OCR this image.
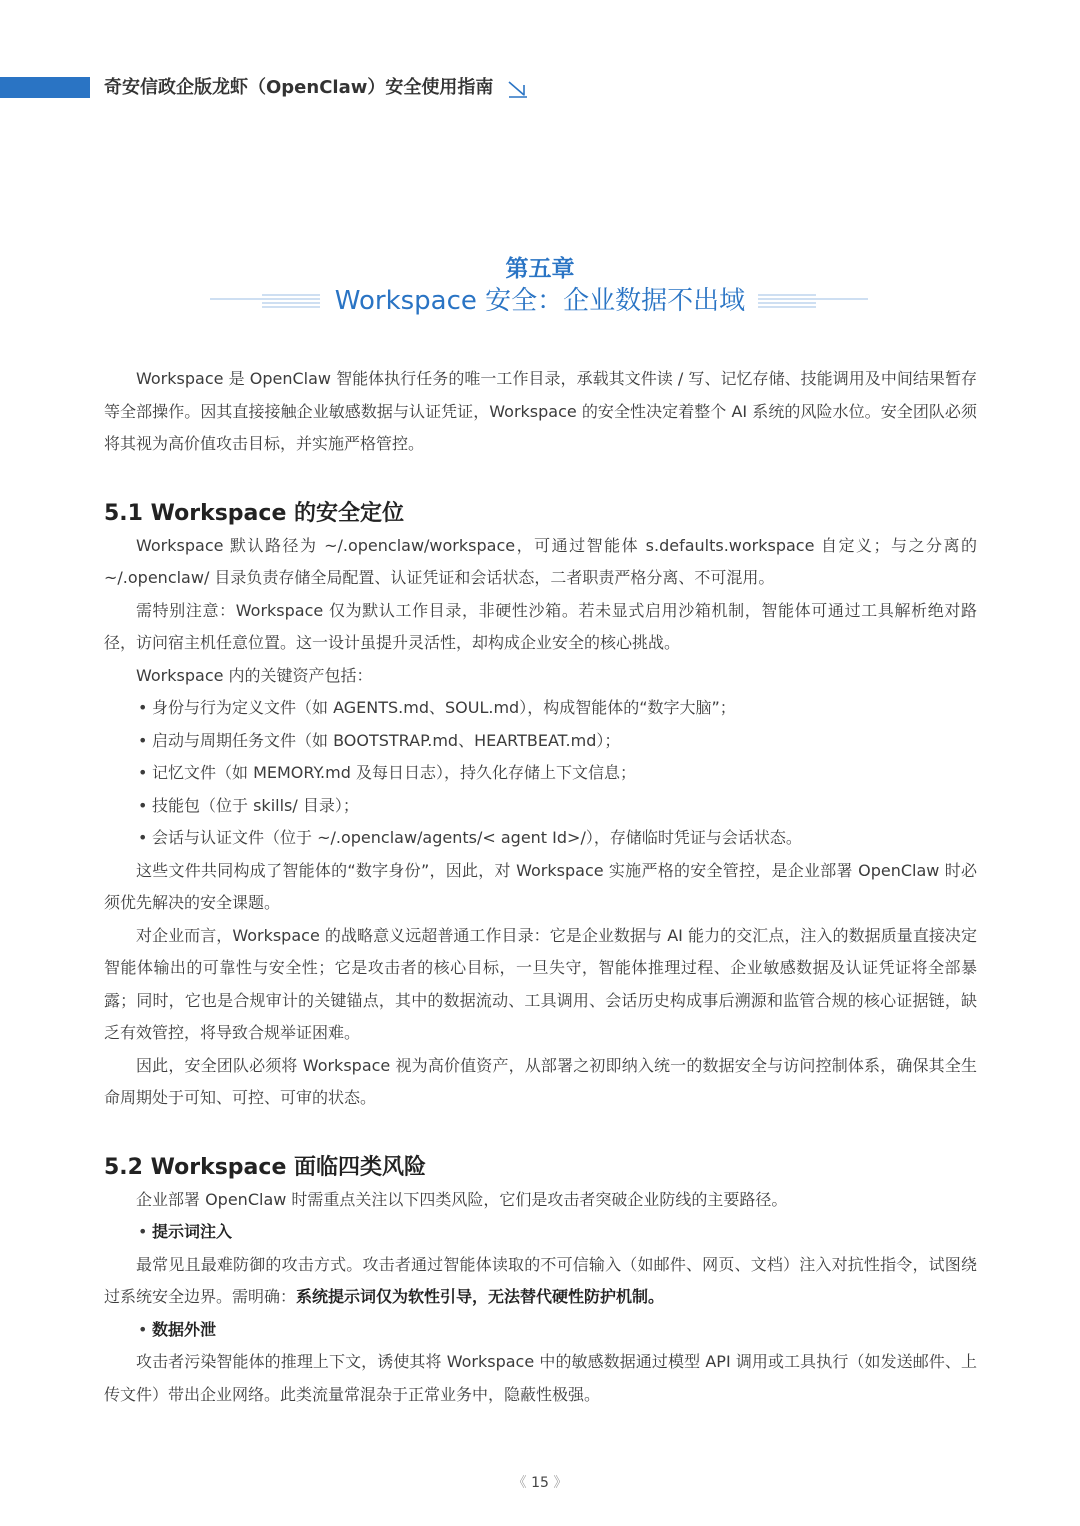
奇安信政企版龙虾（OpenClaw）安全使用指南
第五章
Workspace 安全：企业数据不出域

Workspace 是 OpenClaw 智能体执行任务的唯一工作目录，承载其文件读 / 写、记忆存储、技能调用及中间结果暂存等全部操作。因其直接接触企业敏感数据与认证凭证，Workspace 的安全性决定着整个 AI 系统的风险水位。安全团队必须将其视为高价值攻击目标，并实施严格管控。

5.1 Workspace 的安全定位

Workspace 默认路径为 ~/.openclaw/workspace，可通过智能体 s.defaults.workspace 自定义；与之分离的 ~/.openclaw/ 目录负责存储全局配置、认证凭证和会话状态，二者职责严格分离、不可混用。

需特别注意：Workspace 仅为默认工作目录，非硬性沙箱。若未显式启用沙箱机制，智能体可通过工具解析绝对路径，访问宿主机任意位置。这一设计虽提升灵活性，却构成企业安全的核心挑战。

Workspace 内的关键资产包括：

• 身份与行为定义文件（如 AGENTS.md、SOUL.md），构成智能体的“数字大脑”；

• 启动与周期任务文件（如 BOOTSTRAP.md、HEARTBEAT.md）；

• 记忆文件（如 MEMORY.md 及每日日志），持久化存储上下文信息；

• 技能包（位于 skills/ 目录）；

• 会话与认证文件（位于 ~/.openclaw/agents/< agent Id>/），存储临时凭证与会话状态。

这些文件共同构成了智能体的“数字身份”，因此，对 Workspace 实施严格的安全管控，是企业部署 OpenClaw 时必须优先解决的安全课题。

对企业而言，Workspace 的战略意义远超普通工作目录：它是企业数据与 AI 能力的交汇点，注入的数据质量直接决定智能体输出的可靠性与安全性；它是攻击者的核心目标，一旦失守，智能体推理过程、企业敏感数据及认证凭证将全部暴露；同时，它也是合规审计的关键锚点，其中的数据流动、工具调用、会话历史构成事后溯源和监管合规的核心证据链，缺乏有效管控，将导致合规举证困难。

因此，安全团队必须将 Workspace 视为高价值资产，从部署之初即纳入统一的数据安全与访问控制体系，确保其全生命周期处于可知、可控、可审的状态。

5.2 Workspace 面临四类风险

企业部署 OpenClaw 时需重点关注以下四类风险，它们是攻击者突破企业防线的主要路径。

• 提示词注入

最常见且最难防御的攻击方式。攻击者通过智能体读取的不可信输入（如邮件、网页、文档）注入对抗性指令，试图绕过系统安全边界。需明确：系统提示词仅为软性引导，无法替代硬性防护机制。

• 数据外泄

攻击者污染智能体的推理上下文，诱使其将 Workspace 中的敏感数据通过模型 API 调用或工具执行（如发送邮件、上传文件）带出企业网络。此类流量常混杂于正常业务中，隐蔽性极强。

《 15 》
